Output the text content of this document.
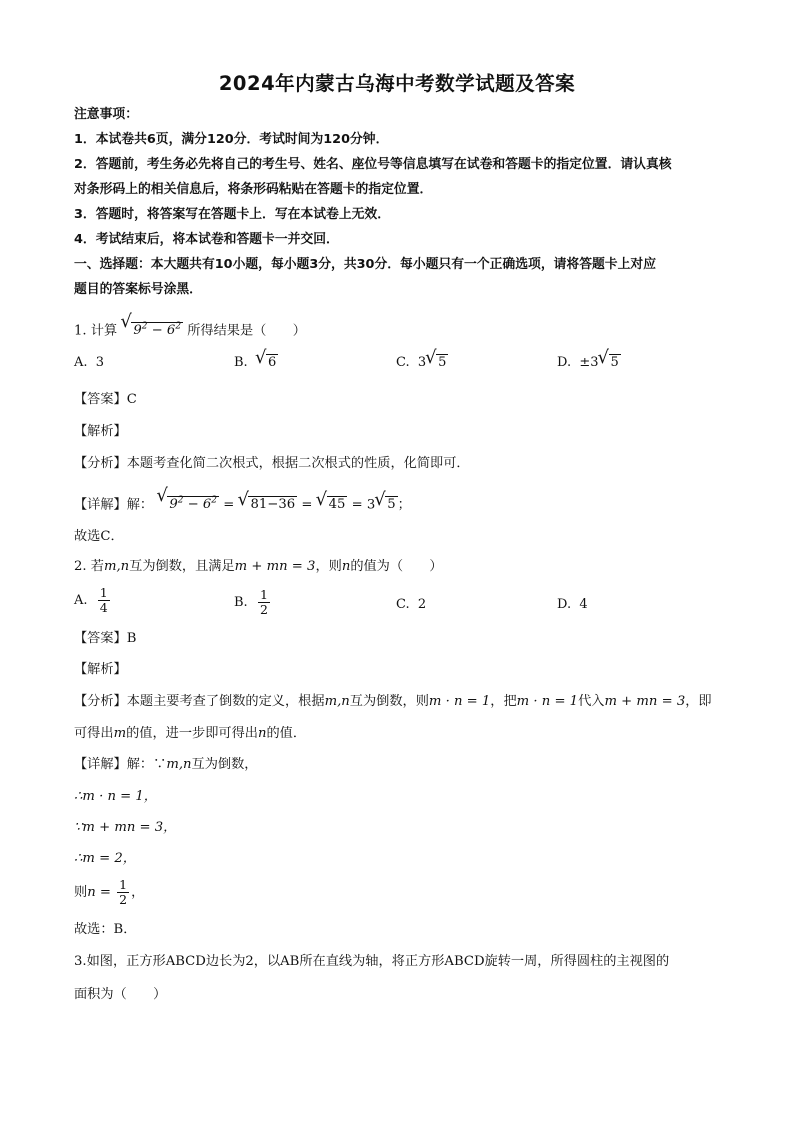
2024年内蒙古乌海中考数学试题及答案
注意事项：
1．本试卷共6页，满分120分．考试时间为120分钟．
2．答题前，考生务必先将自己的考生号、姓名、座位号等信息填写在试卷和答题卡的指定位置．请认真核
对条形码上的相关信息后，将条形码粘贴在答题卡的指定位置．
3．答题时，将答案写在答题卡上．写在本试卷上无效．
4．考试结束后，将本试卷和答题卡一并交回．
一、选择题：本大题共有10小题，每小题3分，共30分．每小题只有一个正确选项，请将答题卡上对应
题目的答案标号涂黑．
1. 计算 √ $9^2 - 6^2$ 所得结果是（　　）
A. 3	B. √ 6	C. 3 √ 5	D. ±3 √ 5
【答案】C
【解析】
【分析】本题考查化简二次根式，根据二次根式的性质，化简即可．
【详解】解： √ $9^2 - 6^2$ = √ 81−36 = √ 45 = 3 √ 5 ；
故选C．
2. 若m,n互为倒数，且满足m + mn = 3，则n的值为（　　）
A. $\frac{1}{4}$	B. $\frac{1}{2}$	C. 2	D. 4
【答案】B
【解析】
【分析】本题主要考查了倒数的定义，根据m,n互为倒数，则m · n = 1，把m · n = 1代入m + mn = 3，即
可得出m的值，进一步即可得出n的值．
【详解】解：∵m,n互为倒数，
∴m · n = 1，
∵m + mn = 3，
∴m = 2，
则$n = \frac{1}{2}$ ，
故选：B．
3.如图，正方形ABCD边长为2，以AB所在直线为轴，将正方形ABCD旋转一周，所得圆柱的主视图的
面积为（　　）
